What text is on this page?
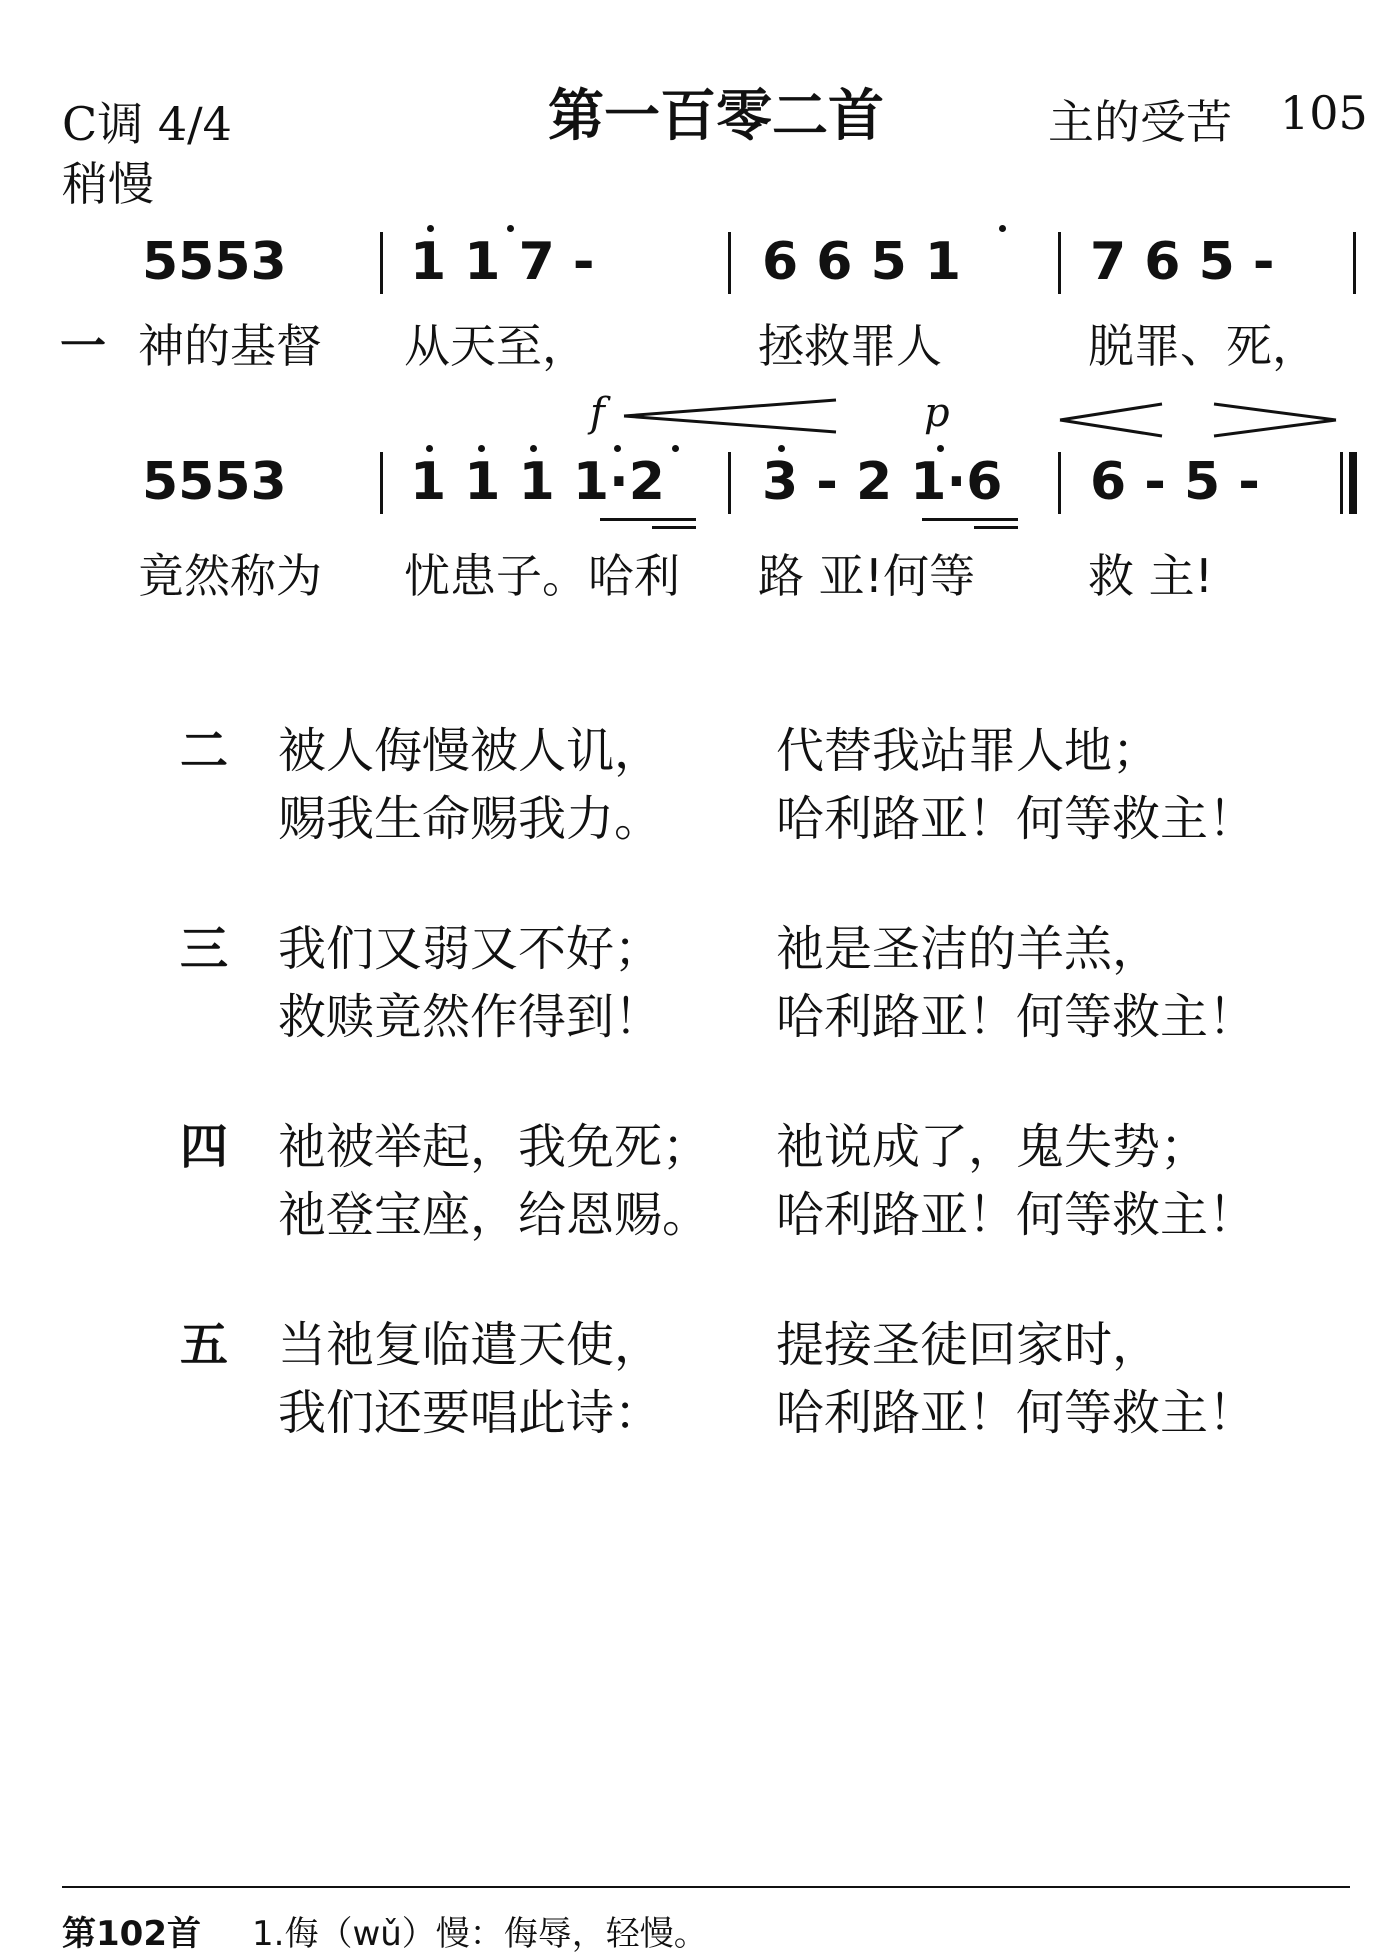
C调 4/4
稍慢
第一百零二首	主的受苦 105
5553 1 1 7 -	6 6 5 1 7 6 5 -
一 神的基督 从天至，	拯救罪人	脱罪、死，
f	p
5553 1 1 1 1·2 3 - 2 1·6 6 - 5 -
竟然称为 忧患子。哈利 路 亚!何等 救 主!
二 被人侮慢被人讥， 代替我站罪人地；
赐我生命赐我力。 哈利路亚！何等救主！
三 我们又弱又不好； 祂是圣洁的羊羔，
救赎竟然作得到！ 哈利路亚！何等救主！
四 祂被举起，我免死； 祂说成了，鬼失势；
祂登宝座，给恩赐。 哈利路亚！何等救主！
五 当祂复临遣天使， 提接圣徒回家时，
我们还要唱此诗： 哈利路亚！何等救主！
第102首 1.侮（wǔ）慢：侮辱，轻慢。
